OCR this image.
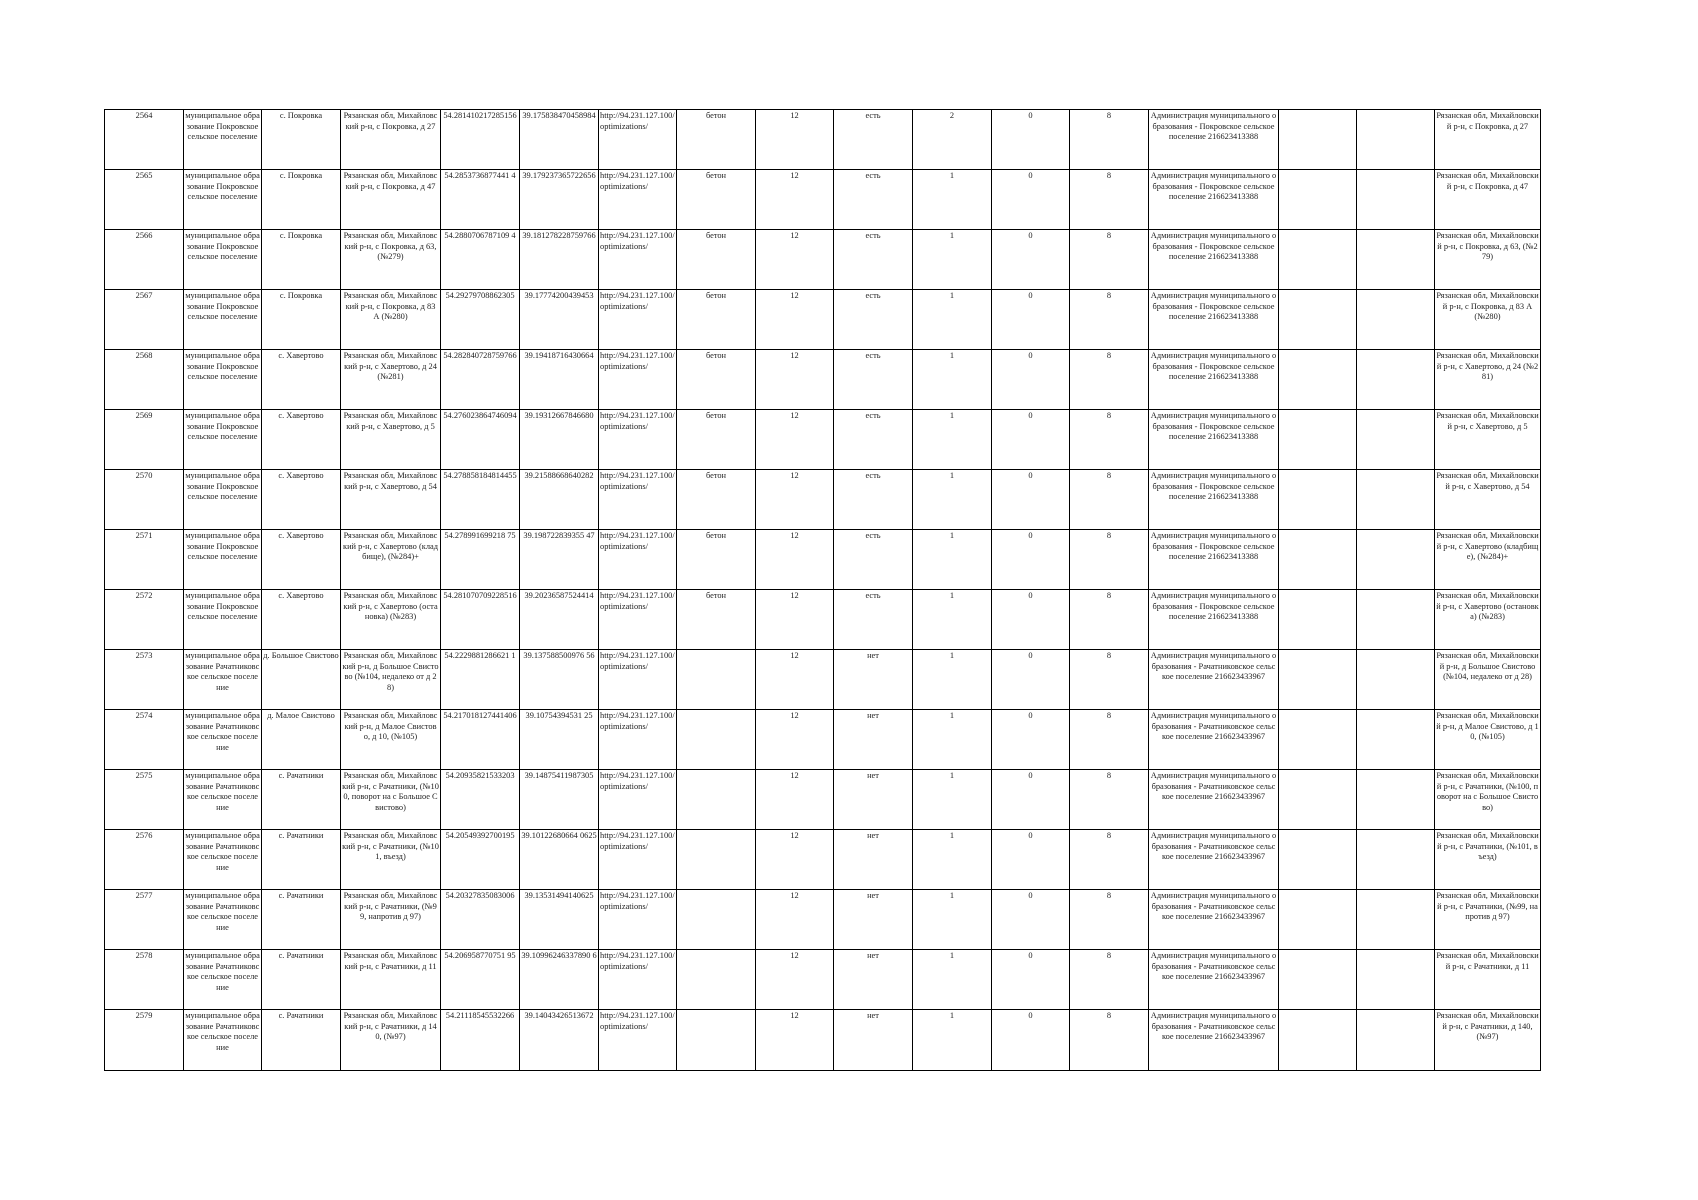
2564	муниципальное образование Покровское сельское поселение	с. Покровка	Рязанская обл, Михайловский р-н, с Покровка, д 27	54.281410217285156	39.175838470458984	http://94.231.127.100/optimizations/	бетон	12	есть	2	0	8	Администрация муниципального образования - Покровское сельское поселение 216623413388			Рязанская обл, Михайловский р-н, с Покровка, д 27
2565	муниципальное образование Покровское сельское поселение	с. Покровка	Рязанская обл, Михайловский р-н, с Покровка, д 47	54.2853736877441 4	39.179237365722656	http://94.231.127.100/optimizations/	бетон	12	есть	1	0	8	Администрация муниципального образования - Покровское сельское поселение 216623413388			Рязанская обл, Михайловский р-н, с Покровка, д 47
2566	муниципальное образование Покровское сельское поселение	с. Покровка	Рязанская обл, Михайловский р-н, с Покровка, д 63, (№279)	54.2880706787109 4	39.181278228759766	http://94.231.127.100/optimizations/	бетон	12	есть	1	0	8	Администрация муниципального образования - Покровское сельское поселение 216623413388			Рязанская обл, Михайловский р-н, с Покровка, д 63, (№279)
2567	муниципальное образование Покровское сельское поселение	с. Покровка	Рязанская обл, Михайловский р-н, с Покровка, д 83 А (№280)	54.29279708862305	39.17774200439453	http://94.231.127.100/optimizations/	бетон	12	есть	1	0	8	Администрация муниципального образования - Покровское сельское поселение 216623413388			Рязанская обл, Михайловский р-н, с Покровка, д 83 А (№280)
2568	муниципальное образование Покровское сельское поселение	с. Хавертово	Рязанская обл, Михайловский р-н, с Хавертово, д 24 (№281)	54.282840728759766	39.19418716430664	http://94.231.127.100/optimizations/	бетон	12	есть	1	0	8	Администрация муниципального образования - Покровское сельское поселение 216623413388			Рязанская обл, Михайловский р-н, с Хавертово, д 24 (№281)
2569	муниципальное образование Покровское сельское поселение	с. Хавертово	Рязанская обл, Михайловский р-н, с Хавертово, д 5	54.276023864746094	39.19312667846680	http://94.231.127.100/optimizations/	бетон	12	есть	1	0	8	Администрация муниципального образования - Покровское сельское поселение 216623413388			Рязанская обл, Михайловский р-н, с Хавертово, д 5
2570	муниципальное образование Покровское сельское поселение	с. Хавертово	Рязанская обл, Михайловский р-н, с Хавертово, д 54	54.278858184814455	39.21588668640282	http://94.231.127.100/optimizations/	бетон	12	есть	1	0	8	Администрация муниципального образования - Покровское сельское поселение 216623413388			Рязанская обл, Михайловский р-н, с Хавертово, д 54
2571	муниципальное образование Покровское сельское поселение	с. Хавертово	Рязанская обл, Михайловский р-н, с Хавертово (кладбище), (№284)+	54.278991699218 75	39.198722839355 47	http://94.231.127.100/optimizations/	бетон	12	есть	1	0	8	Администрация муниципального образования - Покровское сельское поселение 216623413388			Рязанская обл, Михайловский р-н, с Хавертово (кладбище), (№284)+
2572	муниципальное образование Покровское сельское поселение	с. Хавертово	Рязанская обл, Михайловский р-н, с Хавертово (остановка) (№283)	54.281070709228516	39.20236587524414	http://94.231.127.100/optimizations/	бетон	12	есть	1	0	8	Администрация муниципального образования - Покровское сельское поселение 216623413388			Рязанская обл, Михайловский р-н, с Хавертово (остановка) (№283)
2573	муниципальное образование Рачатниковское сельское поселение	д. Большое Свистово	Рязанская обл, Михайловский р-н, д Большое Свистово (№104, недалеко от д 28)	54.2229881286621 1	39.137588500976 56	http://94.231.127.100/optimizations/		12	нет	1	0	8	Администрация муниципального образования - Рачатниковское сельское поселение 216623433967			Рязанская обл, Михайловский р-н, д Большое Свистово (№104, недалеко от д 28)
2574	муниципальное образование Рачатниковское сельское поселение	д. Малое Свистово	Рязанская обл, Михайловский р-н, д Малое Свистово, д 10, (№105)	54.217018127441406	39.10754394531 25	http://94.231.127.100/optimizations/		12	нет	1	0	8	Администрация муниципального образования - Рачатниковское сельское поселение 216623433967			Рязанская обл, Михайловский р-н, д Малое Свистово, д 10, (№105)
2575	муниципальное образование Рачатниковское сельское поселение	с. Рачатники	Рязанская обл, Михайловский р-н, с Рачатники, (№100, поворот на с Большое Свистово)	54.20935821533203	39.14875411987305	http://94.231.127.100/optimizations/		12	нет	1	0	8	Администрация муниципального образования - Рачатниковское сельское поселение 216623433967			Рязанская обл, Михайловский р-н, с Рачатники, (№100, поворот на с Большое Свистово)
2576	муниципальное образование Рачатниковское сельское поселение	с. Рачатники	Рязанская обл, Михайловский р-н, с Рачатники, (№101, въезд)	54.20549392700195	39.10122680664 0625	http://94.231.127.100/optimizations/		12	нет	1	0	8	Администрация муниципального образования - Рачатниковское сельское поселение 216623433967			Рязанская обл, Михайловский р-н, с Рачатники, (№101, въезд)
2577	муниципальное образование Рачатниковское сельское поселение	с. Рачатники	Рязанская обл, Михайловский р-н, с Рачатники, (№99, напротив д 97)	54.20327835083006	39.13531494140625	http://94.231.127.100/optimizations/		12	нет	1	0	8	Администрация муниципального образования - Рачатниковское сельское поселение 216623433967			Рязанская обл, Михайловский р-н, с Рачатники, (№99, напротив д 97)
2578	муниципальное образование Рачатниковское сельское поселение	с. Рачатники	Рязанская обл, Михайловский р-н, с Рачатники, д 11	54.206958770751 95	39.10996246337890 6	http://94.231.127.100/optimizations/		12	нет	1	0	8	Администрация муниципального образования - Рачатниковское сельское поселение 216623433967			Рязанская обл, Михайловский р-н, с Рачатники, д 11
2579	муниципальное образование Рачатниковское сельское поселение	с. Рачатники	Рязанская обл, Михайловский р-н, с Рачатники, д 140, (№97)	54.21118545532266	39.14043426513672	http://94.231.127.100/optimizations/		12	нет	1	0	8	Администрация муниципального образования - Рачатниковское сельское поселение 216623433967			Рязанская обл, Михайловский р-н, с Рачатники, д 140, (№97)
